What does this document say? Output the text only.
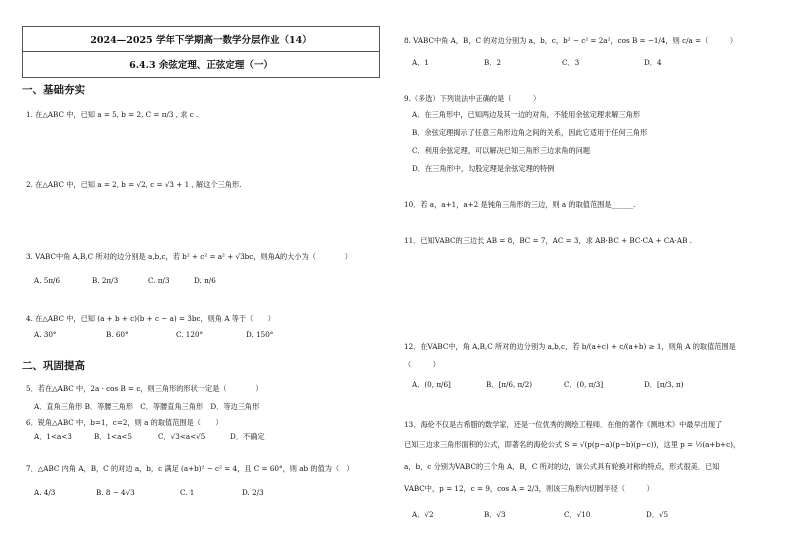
2024—2025 学年下学期高一数学分层作业（14）
6.4.3 余弦定理、正弦定理（一）
一、基础夯实
1. 在△ABC 中，已知 a = 5, b = 2, C = π/3 , 求 c .
2. 在△ABC 中，已知 a = 2, b = √2, c = √3 + 1 , 解这个三角形.
3. VABC中角 A,B,C 所对的边分别是 a,b,c，若 b² + c² = a² + √3bc，则角A的大小为（　　　　）
A. 5π/6	B. 2π/3	C. π/3	D. π/6
4. 在△ABC 中，已知 (a + b + c)(b + c − a) = 3bc，则角 A 等于（　　）
A. 30°	B. 60°	C. 120°	D. 150°
二、巩固提高
5．若在△ABC 中，2a · cos B = c，则三角形的形状一定是（　　　　）
A．直角三角形 B．等腰三角形　C．等腰直角三角形　D．等边三角形
6．锐角△ABC 中，b=1，c=2，则 a 的取值范围是（　　）
A．1<a<3	B．1<a<5	C．√3<a<√5	D．不确定
7．△ABC 内角 A，B，C 的对边 a，b，c 满足 (a+b)² − c² = 4，且 C = 60°，则 ab 的值为（　）
A. 4/3	B. 8 − 4√3	C. 1	D. 2/3
8. VABC中角 A，B，C 的对边分别为 a，b，c，b² − c² = 2a²，cos B = −1/4，则 c/a =（　　　）
A．1	B．2	C．3	D．4
9.（多选）下列说法中正确的是（　　　）
A．在三角形中，已知两边及其一边的对角，不能用余弦定理求解三角形
B．余弦定理揭示了任意三角形边角之间的关系，因此它适用于任何三角形
C．利用余弦定理，可以解决已知三角形三边求角的问题
D．在三角形中，勾股定理是余弦定理的特例
10．若 a，a+1，a+2 是钝角三角形的三边，则 a 的取值范围是______.
11．已知VABC的三边长 AB = 8，BC = 7，AC = 3，求 AB·BC + BC·CA + CA·AB .
12．在VABC中，角 A,B,C 所对的边分别为 a,b,c，若 b/(a+c) + c/(a+b) ≥ 1，则角 A 的取值范围是
（　　　）
A．(0, π/6]	B．[π/6, π/2)	C．(0, π/3]	D．[π/3, π)
13．海伦不仅是古希腊的数学家，还是一位优秀的测绘工程师．在他的著作《测地术》中最早出现了
已知三边求三角形面积的公式，即著名的海伦公式 S = √(p(p−a)(p−b)(p−c))，这里 p = ½(a+b+c)，
a，b，c 分别为VABC的三个角 A，B，C 所对的边，该公式具有轮换对称的特点，形式很美．已知
VABC中，p = 12，c = 9，cos A = 2/3，则该三角形内切圆半径（　　　）
A．√2	B．√3	C．√10	D．√5
